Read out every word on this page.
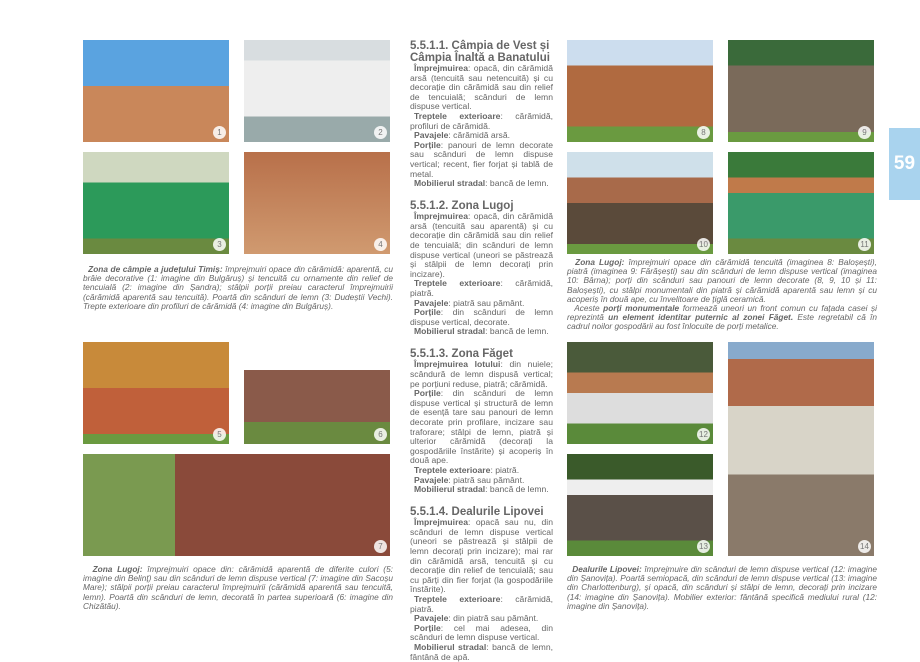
1	2
3	4
5	6
7
8	9
10	11
12
13	14
5.5.1.1. Câmpia de Vest și Câmpia Înaltă a Banatului

Împrejmuirea: opacă, din cărămidă arsă (tencuită sau netencuită) și cu decorație din cărămidă sau din relief de tencuială; scânduri de lemn dispuse vertical.

Treptele exterioare: cărămidă, profiluri de cărămidă.

Pavajele: cărămidă arsă.

Porțile: panouri de lemn decorate sau scânduri de lemn dispuse vertical; recent, fier forjat și tablă de metal.

Mobilierul stradal: bancă de lemn.

5.5.1.2. Zona Lugoj

Împrejmuirea: opacă, din cărămidă arsă (tencuită sau aparentă) și cu decorație din cărămidă sau din relief de tencuială; din scânduri de lemn dispuse vertical (uneori se păstrează și stâlpii de lemn decorați prin incizare).

Treptele exterioare: cărămidă, piatră.

Pavajele: piatră sau pământ.

Porțile: din scânduri de lemn dispuse vertical, decorate.

Mobilierul stradal: bancă de lemn.

5.5.1.3. Zona Făget

Împrejmuirea lotului: din nuiele; scândură de lemn dispusă vertical; pe porțiuni reduse, piatră; cărămidă.

Porțile: din scânduri de lemn dispuse vertical și structură de lemn de esență tare sau panouri de lemn decorate prin profilare, incizare sau traforare; stâlpi de lemn, piatră și ulterior cărămidă (decorați la gospodăriile înstărite) și acoperiș în două ape.

Treptele exterioare: piatră.

Pavajele: piatră sau pământ.

Mobilierul stradal: bancă de lemn.

5.5.1.4. Dealurile Lipovei

Împrejmuirea: opacă sau nu, din scânduri de lemn dispuse vertical (uneori se păstrează și stâlpii de lemn decorați prin incizare); mai rar din cărămidă arsă, tencuită și cu decorație din relief de tencuială; sau cu părți din fier forjat (la gospodăriile înstărite).

Treptele exterioare: cărămidă, piatră.

Pavajele: din piatră sau pământ.

Porțile: cel mai adesea, din scânduri de lemn dispuse vertical.

Mobilierul stradal: bancă de lemn, fântână de apă.

Zona de câmpie a județului Timiș: împrejmuiri opace din cărămidă: aparentă, cu brâie decorative (1: imagine din Bulgăruș) și tencuită cu ornamente din relief de tencuială (2: imagine din Șandra); stâlpii porții preiau caracterul împrejmuirii (cărămidă aparentă sau tencuită). Poartă din scânduri de lemn (3: Dudeștii Vechi). Trepte exterioare din profiluri de cărămidă (4: imagine din Bulgăruș).

Zona Lugoj: împrejmuiri opace din cărămidă tencuită (imaginea 8: Baloșești), piatră (imaginea 9: Fărășești) sau din scânduri de lemn dispuse vertical (imaginea 10: Bârna); porți din scânduri sau panouri de lemn decorate (8, 9, 10 și 11: Baloșești), cu stâlpi monumentali din piatră și cărămidă aparentă sau lemn și cu acoperiș în două ape, cu învelitoare de țiglă ceramică.

Aceste porți monumentale formează uneori un front comun cu fațada casei și reprezintă un element identitar puternic al zonei Făget. Este regretabil că în cadrul noilor gospodării au fost înlocuite de porți metalice.

Zona Lugoj: împrejmuiri opace din: cărămidă aparentă de diferite culori (5: imagine din Belinț) sau din scânduri de lemn dispuse vertical (7: imagine din Sacoșu Mare); stâlpii porții preiau caracterul împrejmuirii (cărămidă aparentă sau tencuită, lemn). Poartă din scânduri de lemn, decorată în partea superioară (6: imagine din Chizătău).

Dealurile Lipovei: împrejmuire din scânduri de lemn dispuse vertical (12: imagine din Șanovița). Poartă semiopacă, din scânduri de lemn dispuse vertical (13: imagine din Charlottenburg), și opacă, din scânduri și stâlpi de lemn, decorați prin incizare (14: imagine din Șanovița). Mobilier exterior: fântână specifică mediului rural (12: imagine din Șanovița).

59
